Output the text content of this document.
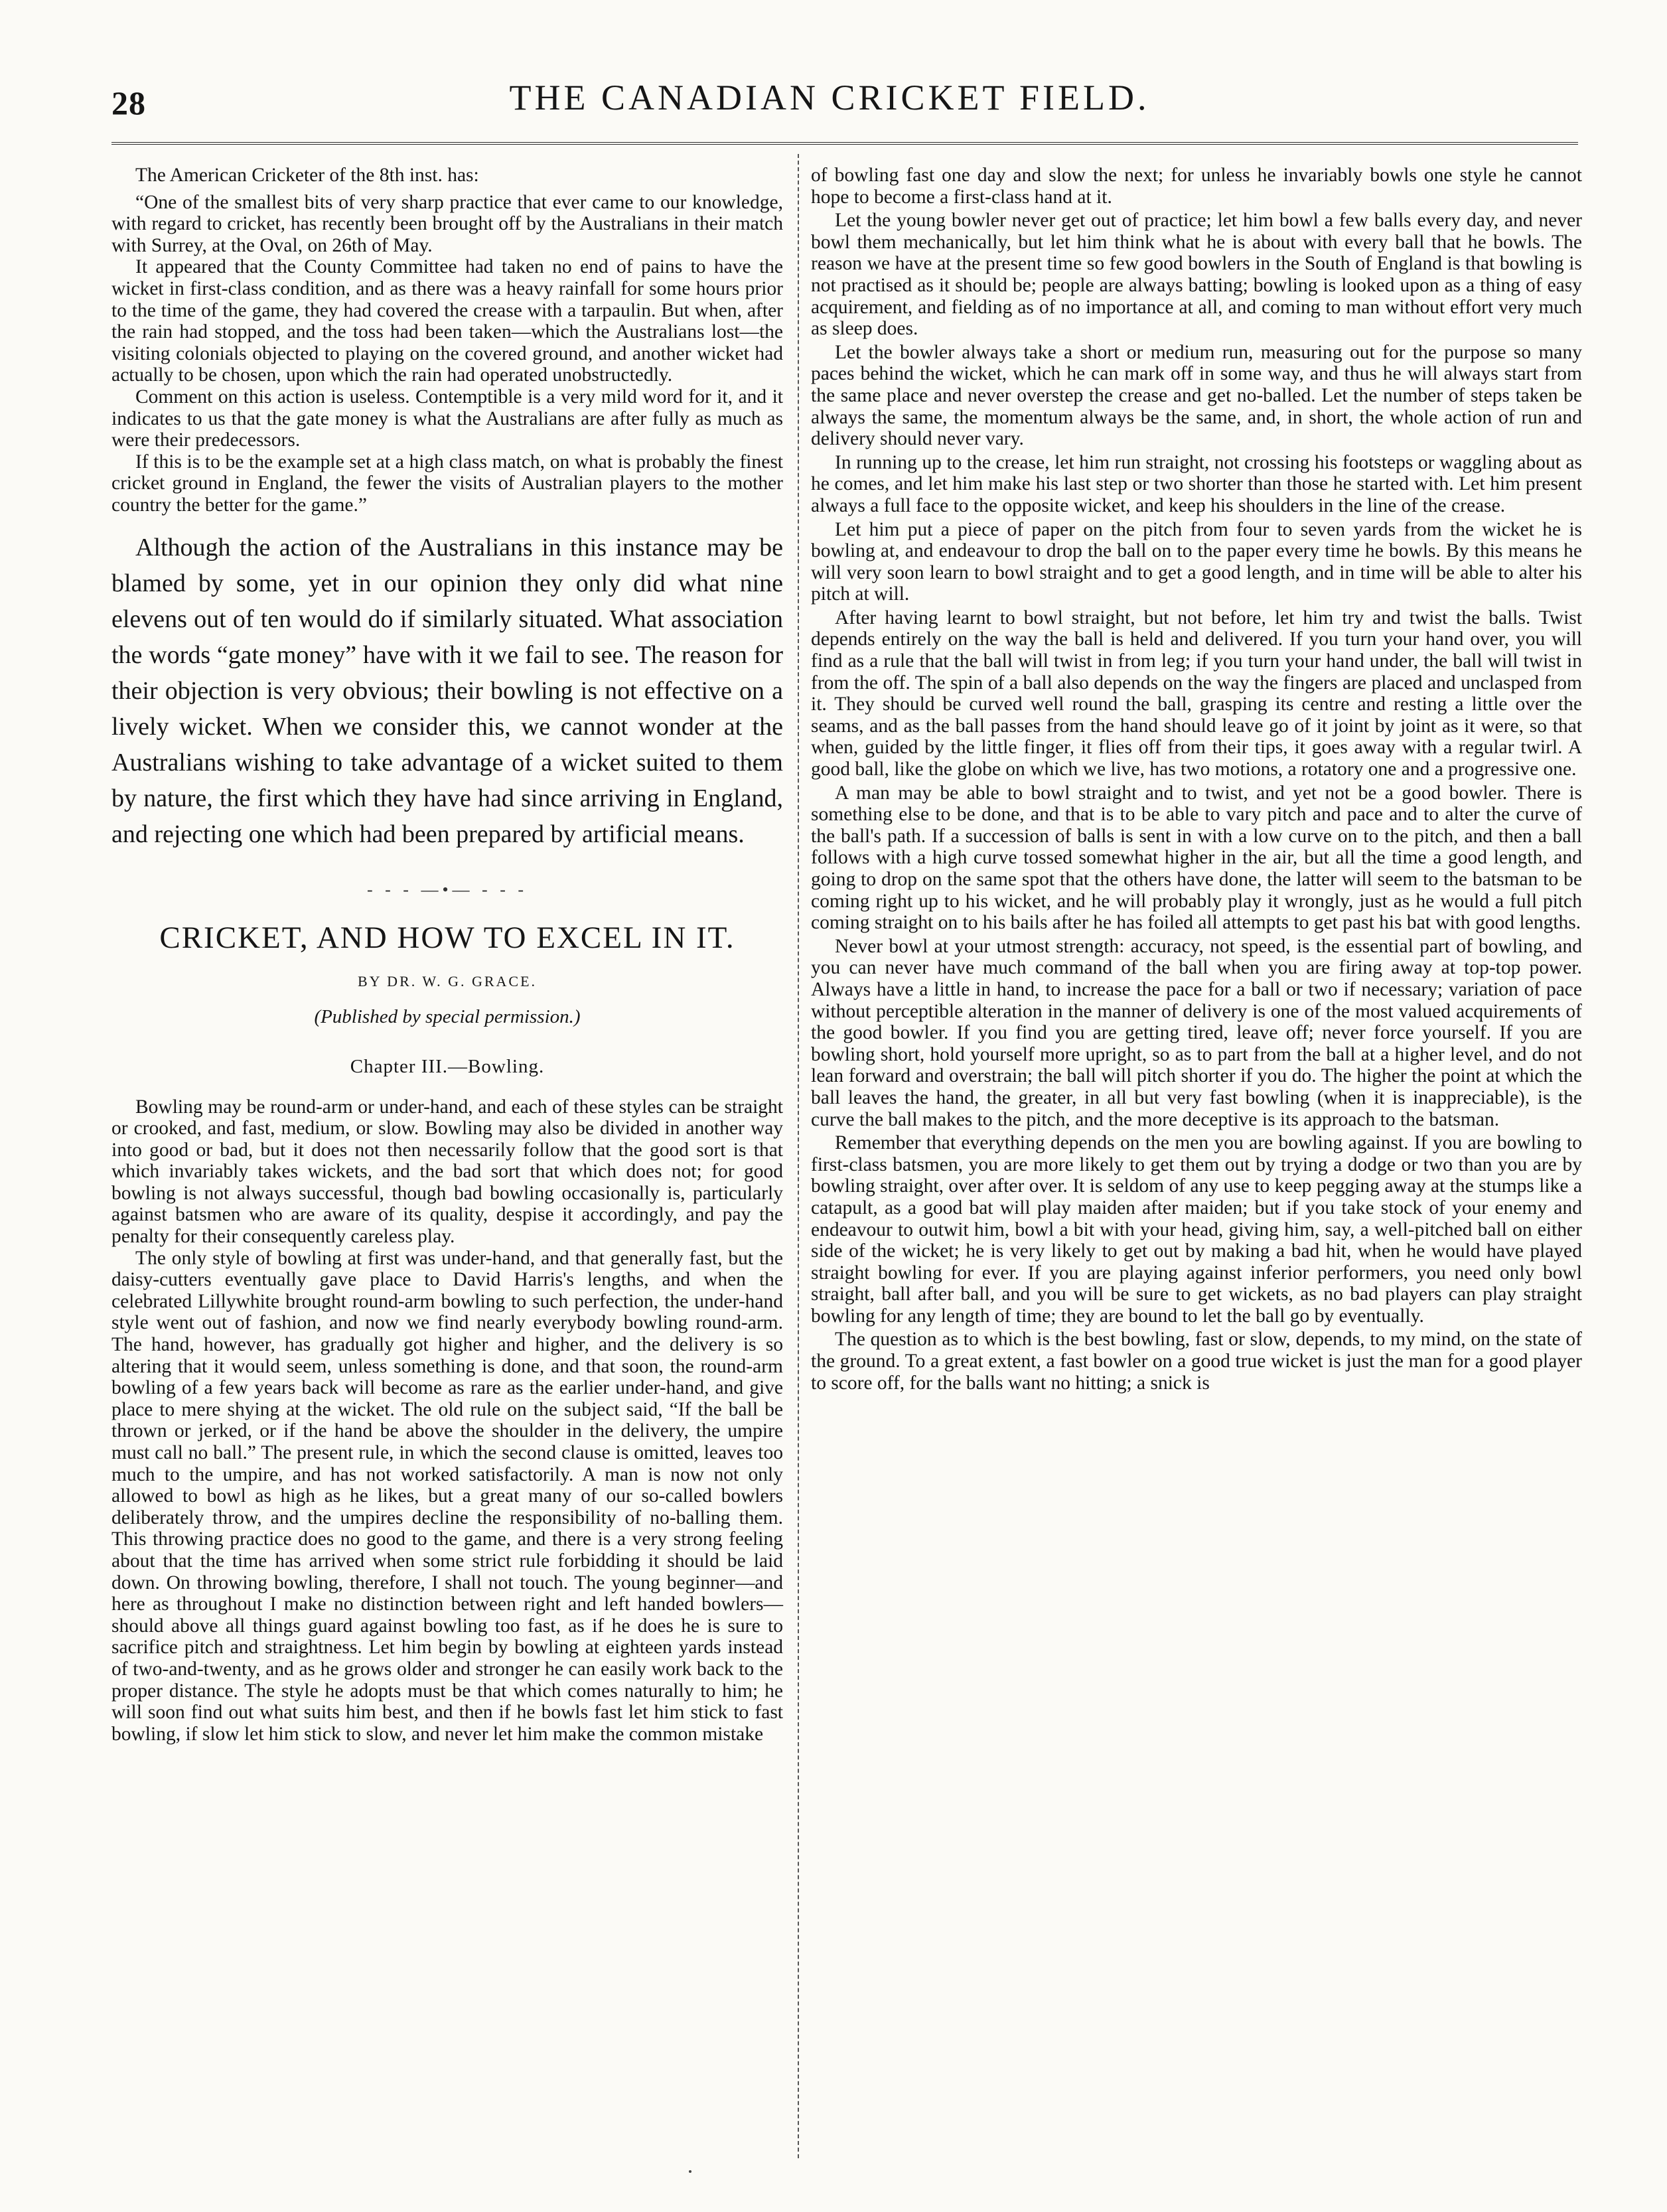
28	THE CANADIAN CRICKET FIELD.

The American Cricketer of the 8th inst. has:

“One of the smallest bits of very sharp practice that ever came to our knowledge, with regard to cricket, has recently been brought off by the Australians in their match with Surrey, at the Oval, on 26th of May.

It appeared that the County Committee had taken no end of pains to have the wicket in first-class condition, and as there was a heavy rainfall for some hours prior to the time of the game, they had covered the crease with a tarpaulin. But when, after the rain had stopped, and the toss had been taken—which the Australians lost—the visiting colonials objected to playing on the covered ground, and another wicket had actually to be chosen, upon which the rain had operated unobstructedly.

Comment on this action is useless. Contemptible is a very mild word for it, and it indicates to us that the gate money is what the Australians are after fully as much as were their predecessors.

If this is to be the example set at a high class match, on what is probably the finest cricket ground in England, the fewer the visits of Australian players to the mother country the better for the game.”

Although the action of the Australians in this instance may be blamed by some, yet in our opinion they only did what nine elevens out of ten would do if similarly situated. What association the words “gate money” have with it we fail to see. The reason for their objection is very obvious; their bowling is not effective on a lively wicket. When we consider this, we cannot wonder at the Australians wishing to take advantage of a wicket suited to them by nature, the first which they have had since arriving in England, and rejecting one which had been prepared by artificial means.

- - - —•— - - -
CRICKET, AND HOW TO EXCEL IN IT.
BY DR. W. G. GRACE.
(Published by special permission.)
Chapter III.—Bowling.

Bowling may be round-arm or under-hand, and each of these styles can be straight or crooked, and fast, medium, or slow. Bowling may also be divided in another way into good or bad, but it does not then necessarily follow that the good sort is that which invariably takes wickets, and the bad sort that which does not; for good bowling is not always successful, though bad bowling occasionally is, particularly against batsmen who are aware of its quality, despise it accordingly, and pay the penalty for their consequently careless play.

The only style of bowling at first was under-hand, and that generally fast, but the daisy-cutters eventually gave place to David Harris's lengths, and when the celebrated Lillywhite brought round-arm bowling to such perfection, the under-hand style went out of fashion, and now we find nearly everybody bowling round-arm. The hand, however, has gradually got higher and higher, and the delivery is so altering that it would seem, unless something is done, and that soon, the round-arm bowling of a few years back will become as rare as the earlier under-hand, and give place to mere shying at the wicket. The old rule on the subject said, “If the ball be thrown or jerked, or if the hand be above the shoulder in the delivery, the umpire must call no ball.” The present rule, in which the second clause is omitted, leaves too much to the umpire, and has not worked satisfactorily. A man is now not only allowed to bowl as high as he likes, but a great many of our so-called bowlers deliberately throw, and the umpires decline the responsibility of no-balling them. This throwing practice does no good to the game, and there is a very strong feeling about that the time has arrived when some strict rule forbidding it should be laid down. On throwing bowling, therefore, I shall not touch. The young beginner—and here as throughout I make no distinction between right and left handed bowlers—should above all things guard against bowling too fast, as if he does he is sure to sacrifice pitch and straightness. Let him begin by bowling at eighteen yards instead of two-and-twenty, and as he grows older and stronger he can easily work back to the proper distance. The style he adopts must be that which comes naturally to him; he will soon find out what suits him best, and then if he bowls fast let him stick to fast bowling, if slow let him stick to slow, and never let him make the common mistake

of bowling fast one day and slow the next; for unless he invariably bowls one style he cannot hope to become a first-class hand at it.

Let the young bowler never get out of practice; let him bowl a few balls every day, and never bowl them mechanically, but let him think what he is about with every ball that he bowls. The reason we have at the present time so few good bowlers in the South of England is that bowling is not practised as it should be; people are always batting; bowling is looked upon as a thing of easy acquirement, and fielding as of no importance at all, and coming to man without effort very much as sleep does.

Let the bowler always take a short or medium run, measuring out for the purpose so many paces behind the wicket, which he can mark off in some way, and thus he will always start from the same place and never overstep the crease and get no-balled. Let the number of steps taken be always the same, the momentum always be the same, and, in short, the whole action of run and delivery should never vary.

In running up to the crease, let him run straight, not crossing his footsteps or waggling about as he comes, and let him make his last step or two shorter than those he started with. Let him present always a full face to the opposite wicket, and keep his shoulders in the line of the crease.

Let him put a piece of paper on the pitch from four to seven yards from the wicket he is bowling at, and endeavour to drop the ball on to the paper every time he bowls. By this means he will very soon learn to bowl straight and to get a good length, and in time will be able to alter his pitch at will.

After having learnt to bowl straight, but not before, let him try and twist the balls. Twist depends entirely on the way the ball is held and delivered. If you turn your hand over, you will find as a rule that the ball will twist in from leg; if you turn your hand under, the ball will twist in from the off. The spin of a ball also depends on the way the fingers are placed and unclasped from it. They should be curved well round the ball, grasping its centre and resting a little over the seams, and as the ball passes from the hand should leave go of it joint by joint as it were, so that when, guided by the little finger, it flies off from their tips, it goes away with a regular twirl. A good ball, like the globe on which we live, has two motions, a rotatory one and a progressive one.

A man may be able to bowl straight and to twist, and yet not be a good bowler. There is something else to be done, and that is to be able to vary pitch and pace and to alter the curve of the ball's path. If a succession of balls is sent in with a low curve on to the pitch, and then a ball follows with a high curve tossed somewhat higher in the air, but all the time a good length, and going to drop on the same spot that the others have done, the latter will seem to the batsman to be coming right up to his wicket, and he will probably play it wrongly, just as he would a full pitch coming straight on to his bails after he has foiled all attempts to get past his bat with good lengths.

Never bowl at your utmost strength: accuracy, not speed, is the essential part of bowling, and you can never have much command of the ball when you are firing away at top-top power. Always have a little in hand, to increase the pace for a ball or two if necessary; variation of pace without perceptible alteration in the manner of delivery is one of the most valued acquirements of the good bowler. If you find you are getting tired, leave off; never force yourself. If you are bowling short, hold yourself more upright, so as to part from the ball at a higher level, and do not lean forward and overstrain; the ball will pitch shorter if you do. The higher the point at which the ball leaves the hand, the greater, in all but very fast bowling (when it is inappreciable), is the curve the ball makes to the pitch, and the more deceptive is its approach to the batsman.

Remember that everything depends on the men you are bowling against. If you are bowling to first-class batsmen, you are more likely to get them out by trying a dodge or two than you are by bowling straight, over after over. It is seldom of any use to keep pegging away at the stumps like a catapult, as a good bat will play maiden after maiden; but if you take stock of your enemy and endeavour to outwit him, bowl a bit with your head, giving him, say, a well-pitched ball on either side of the wicket; he is very likely to get out by making a bad hit, when he would have played straight bowling for ever. If you are playing against inferior performers, you need only bowl straight, ball after ball, and you will be sure to get wickets, as no bad players can play straight bowling for any length of time; they are bound to let the ball go by eventually.

The question as to which is the best bowling, fast or slow, depends, to my mind, on the state of the ground. To a great extent, a fast bowler on a good true wicket is just the man for a good player to score off, for the balls want no hitting; a snick is
